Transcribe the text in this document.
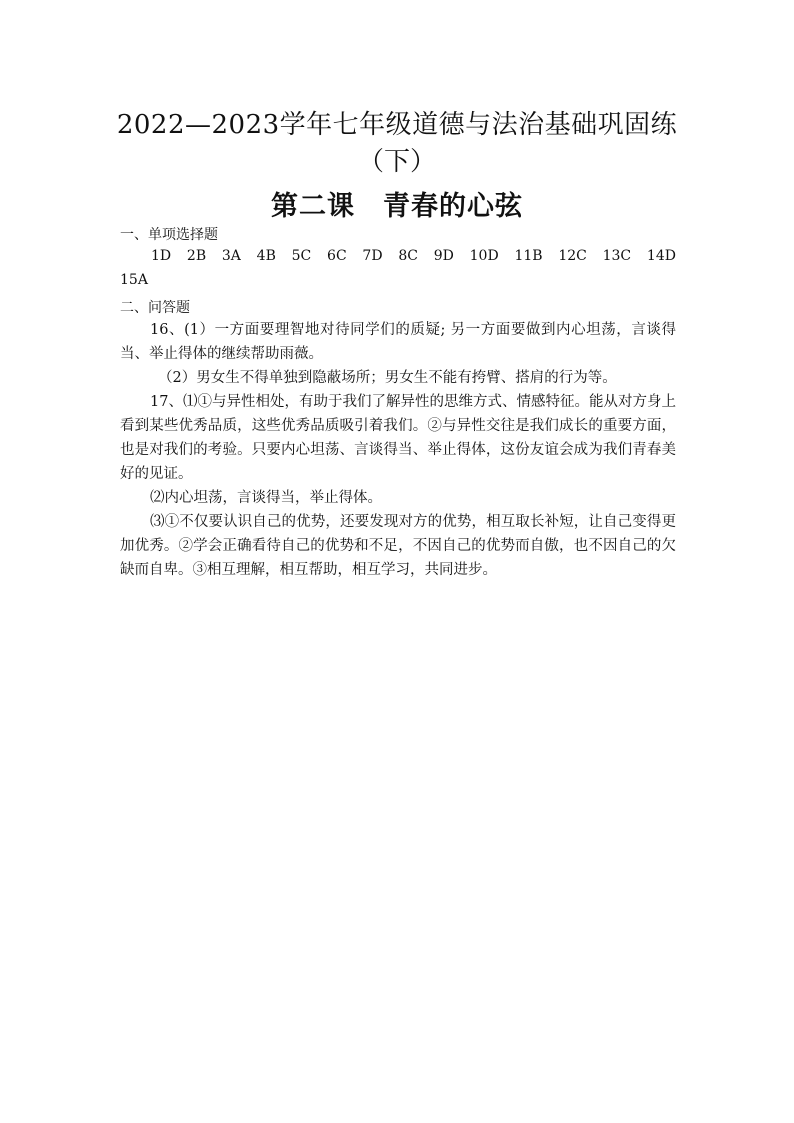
2022—2023学年七年级道德与法治基础巩固练
（下）
第二课　青春的心弦
一、单项选择题
1D 2B 3A 4B 5C 6C 7D 8C 9D 10D 11B 12C 13C 14D
15A
二、问答题
16、(1）一方面要理智地对待同学们的质疑; 另一方面要做到内心坦荡，言谈得当、举止得体的继续帮助雨薇。
（2）男女生不得单独到隐蔽场所；男女生不能有挎臂、搭肩的行为等。
17、⑴①与异性相处，有助于我们了解异性的思维方式、情感特征。能从对方身上看到某些优秀品质，这些优秀品质吸引着我们。②与异性交往是我们成长的重要方面，也是对我们的考验。只要内心坦荡、言谈得当、举止得体，这份友谊会成为我们青春美好的见证。
⑵内心坦荡，言谈得当，举止得体。
⑶①不仅要认识自己的优势，还要发现对方的优势，相互取长补短，让自己变得更加优秀。②学会正确看待自己的优势和不足，不因自己的优势而自傲，也不因自己的欠缺而自卑。③相互理解，相互帮助，相互学习，共同进步。
